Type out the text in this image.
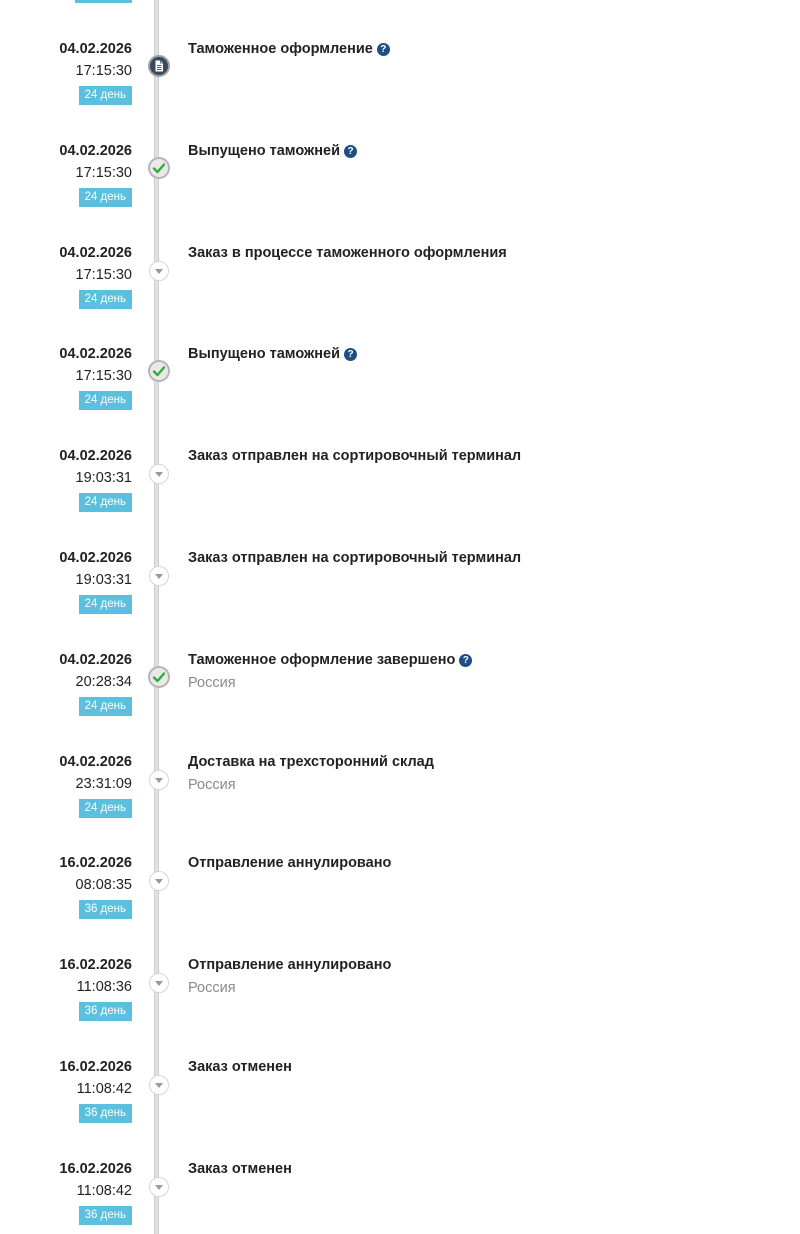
04.02.2026
17:15:30
24 день
Таможенное оформление ?
04.02.2026
17:15:30
24 день
Выпущено таможней ?
04.02.2026
17:15:30
24 день
Заказ в процессе таможенного оформления
04.02.2026
17:15:30
24 день
Выпущено таможней ?
04.02.2026
19:03:31
24 день
Заказ отправлен на сортировочный терминал
04.02.2026
19:03:31
24 день
Заказ отправлен на сортировочный терминал
04.02.2026
20:28:34
24 день
Таможенное оформление завершено ?
Россия
04.02.2026
23:31:09
24 день
Доставка на трехсторонний склад
Россия
16.02.2026
08:08:35
36 день
Отправление аннулировано
16.02.2026
11:08:36
36 день
Отправление аннулировано
Россия
16.02.2026
11:08:42
36 день
Заказ отменен
16.02.2026
11:08:42
36 день
Заказ отменен
